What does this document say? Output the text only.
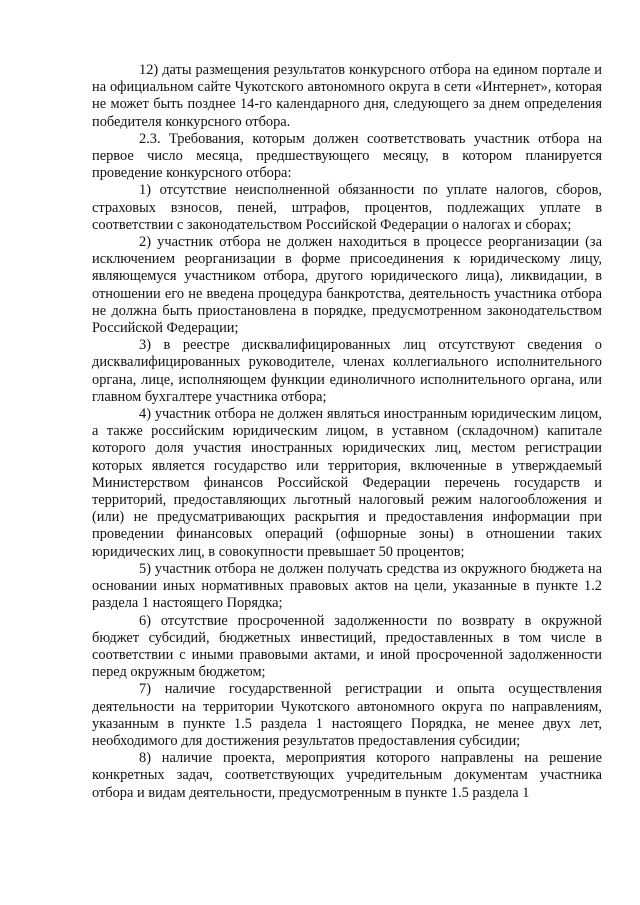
12) даты размещения результатов конкурсного отбора на едином портале и на официальном сайте Чукотского автономного округа в сети «Интернет», которая не может быть позднее 14-го календарного дня, следующего за днем определения победителя конкурсного отбора.

2.3. Требования, которым должен соответствовать участник отбора на первое число месяца, предшествующего месяцу, в котором планируется проведение конкурсного отбора:

1) отсутствие неисполненной обязанности по уплате налогов, сборов, страховых взносов, пеней, штрафов, процентов, подлежащих уплате в соответствии с законодательством Российской Федерации о налогах и сборах;

2) участник отбора не должен находиться в процессе реорганизации (за исключением реорганизации в форме присоединения к юридическому лицу, являющемуся участником отбора, другого юридического лица), ликвидации, в отношении его не введена процедура банкротства, деятельность участника отбора не должна быть приостановлена в порядке, предусмотренном законодательством Российской Федерации;

3) в реестре дисквалифицированных лиц отсутствуют сведения о дисквалифицированных руководителе, членах коллегиального исполнительного органа, лице, исполняющем функции единоличного исполнительного органа, или главном бухгалтере участника отбора;

4) участник отбора не должен являться иностранным юридическим лицом, а также российским юридическим лицом, в уставном (складочном) капитале которого доля участия иностранных юридических лиц, местом регистрации которых является государство или территория, включенные в утверждаемый Министерством финансов Российской Федерации перечень государств и территорий, предоставляющих льготный налоговый режим налогообложения и (или) не предусматривающих раскрытия и предоставления информации при проведении финансовых операций (офшорные зоны) в отношении таких юридических лиц, в совокупности превышает 50 процентов;

5) участник отбора не должен получать средства из окружного бюджета на основании иных нормативных правовых актов на цели, указанные в пункте 1.2 раздела 1 настоящего Порядка;

6) отсутствие просроченной задолженности по возврату в окружной бюджет субсидий, бюджетных инвестиций, предоставленных в том числе в соответствии с иными правовыми актами, и иной просроченной задолженности перед окружным бюджетом;

7) наличие государственной регистрации и опыта осуществления деятельности на территории Чукотского автономного округа по направлениям, указанным в пункте 1.5 раздела 1 настоящего Порядка, не менее двух лет, необходимого для достижения результатов предоставления субсидии;

8) наличие проекта, мероприятия которого направлены на решение конкретных задач, соответствующих учредительным документам участника отбора и видам деятельности, предусмотренным в пункте 1.5 раздела 1
